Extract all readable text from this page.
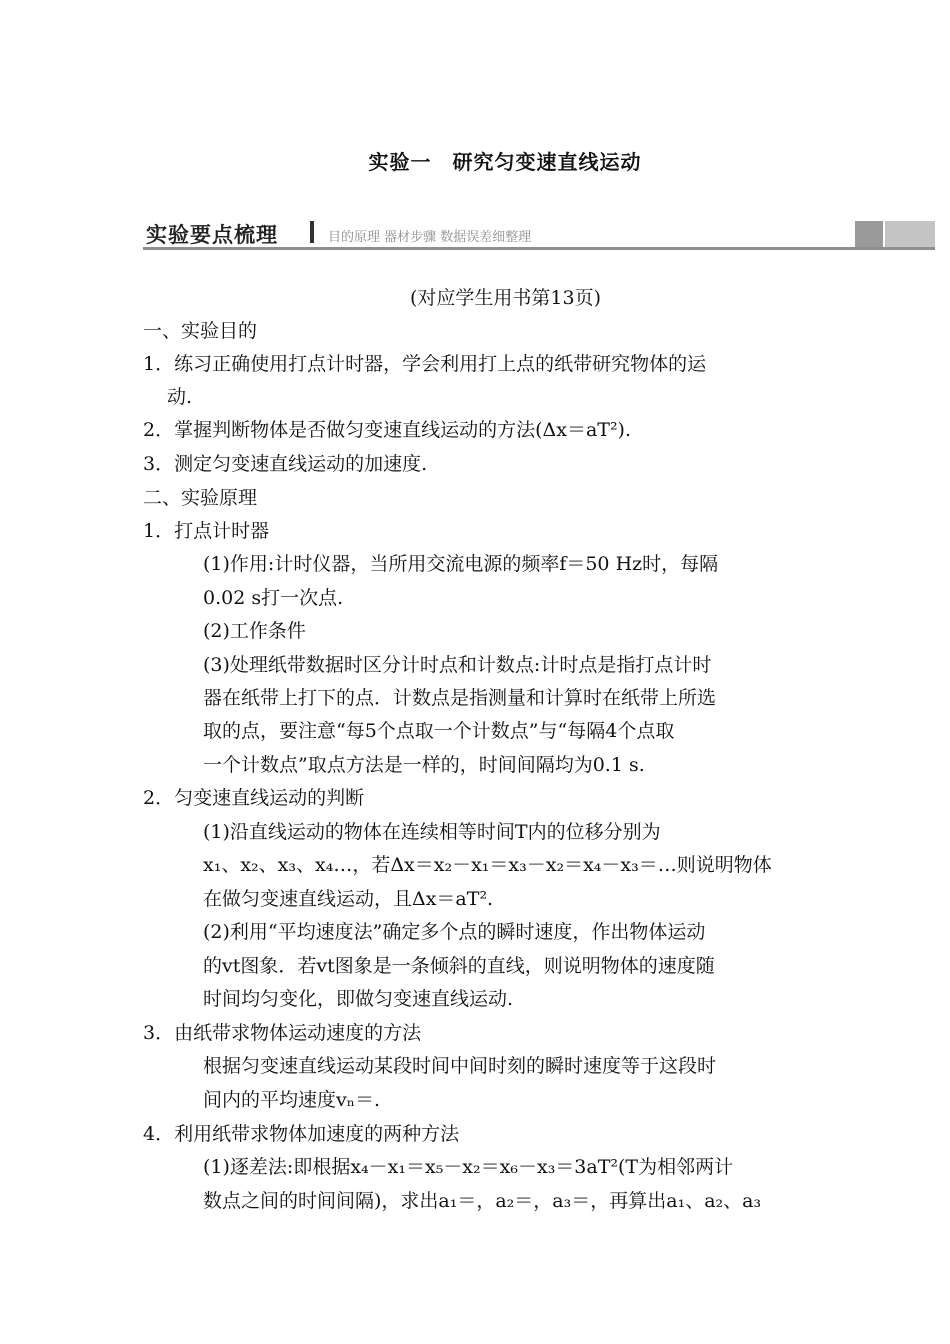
实验一　研究匀变速直线运动
实验要点梳理	目的原理 器材步骤 数据误差细整理
(对应学生用书第13页)
一、实验目的
1．练习正确使用打点计时器，学会利用打上点的纸带研究物体的运
动.
2．掌握判断物体是否做匀变速直线运动的方法(Δx＝aT²).
3．测定匀变速直线运动的加速度.
二、实验原理
1．打点计时器
(1)作用:计时仪器，当所用交流电源的频率f＝50 Hz时，每隔
0.02 s打一次点.
(2)工作条件
(3)处理纸带数据时区分计时点和计数点:计时点是指打点计时
器在纸带上打下的点．计数点是指测量和计算时在纸带上所选
取的点，要注意“每5个点取一个计数点”与“每隔4个点取
一个计数点”取点方法是一样的，时间间隔均为0.1 s.
2．匀变速直线运动的判断
(1)沿直线运动的物体在连续相等时间T内的位移分别为
x₁、x₂、x₃、x₄…，若Δx＝x₂－x₁＝x₃－x₂＝x₄－x₃＝…则说明物体
在做匀变速直线运动，且Δx＝aT².
(2)利用“平均速度法”确定多个点的瞬时速度，作出物体运动
的vt图象．若vt图象是一条倾斜的直线，则说明物体的速度随
时间均匀变化，即做匀变速直线运动.
3．由纸带求物体运动速度的方法
根据匀变速直线运动某段时间中间时刻的瞬时速度等于这段时
间内的平均速度vₙ＝.
4．利用纸带求物体加速度的两种方法
(1)逐差法:即根据x₄－x₁＝x₅－x₂＝x₆－x₃＝3aT²(T为相邻两计
数点之间的时间间隔)，求出a₁＝，a₂＝，a₃＝，再算出a₁、a₂、a₃
